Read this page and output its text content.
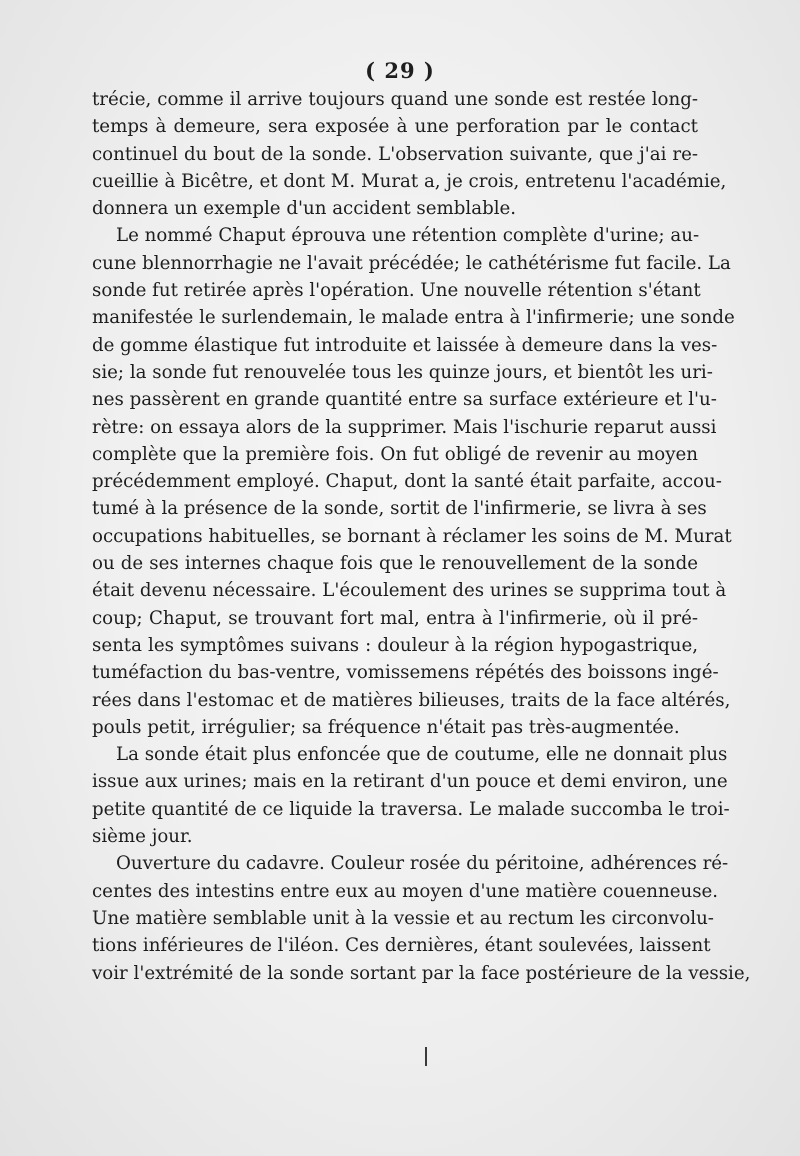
( 29 )
trécie, comme il arrive toujours quand une sonde est restée long-
temps à demeure, sera exposée à une perforation par le contact
continuel du bout de la sonde. L'observation suivante, que j'ai re-
cueillie à Bicêtre, et dont M. Murat a, je crois, entretenu l'académie,
donnera un exemple d'un accident semblable.
Le nommé Chaput éprouva une rétention complète d'urine; au-
cune blennorrhagie ne l'avait précédée; le cathétérisme fut facile. La
sonde fut retirée après l'opération. Une nouvelle rétention s'étant
manifestée le surlendemain, le malade entra à l'infirmerie; une sonde
de gomme élastique fut introduite et laissée à demeure dans la ves-
sie; la sonde fut renouvelée tous les quinze jours, et bientôt les uri-
nes passèrent en grande quantité entre sa surface extérieure et l'u-
rètre: on essaya alors de la supprimer. Mais l'ischurie reparut aussi
complète que la première fois. On fut obligé de revenir au moyen
précédemment employé. Chaput, dont la santé était parfaite, accou-
tumé à la présence de la sonde, sortit de l'infirmerie, se livra à ses
occupations habituelles, se bornant à réclamer les soins de M. Murat
ou de ses internes chaque fois que le renouvellement de la sonde
était devenu nécessaire. L'écoulement des urines se supprima tout à
coup; Chaput, se trouvant fort mal, entra à l'infirmerie, où il pré-
senta les symptômes suivans : douleur à la région hypogastrique,
tuméfaction du bas-ventre, vomissemens répétés des boissons ingé-
rées dans l'estomac et de matières bilieuses, traits de la face altérés,
pouls petit, irrégulier; sa fréquence n'était pas très-augmentée.
La sonde était plus enfoncée que de coutume, elle ne donnait plus
issue aux urines; mais en la retirant d'un pouce et demi environ, une
petite quantité de ce liquide la traversa. Le malade succomba le troi-
sième jour.
Ouverture du cadavre. Couleur rosée du péritoine, adhérences ré-
centes des intestins entre eux au moyen d'une matière couenneuse.
Une matière semblable unit à la vessie et au rectum les circonvolu-
tions inférieures de l'iléon. Ces dernières, étant soulevées, laissent
voir l'extrémité de la sonde sortant par la face postérieure de la vessie,
